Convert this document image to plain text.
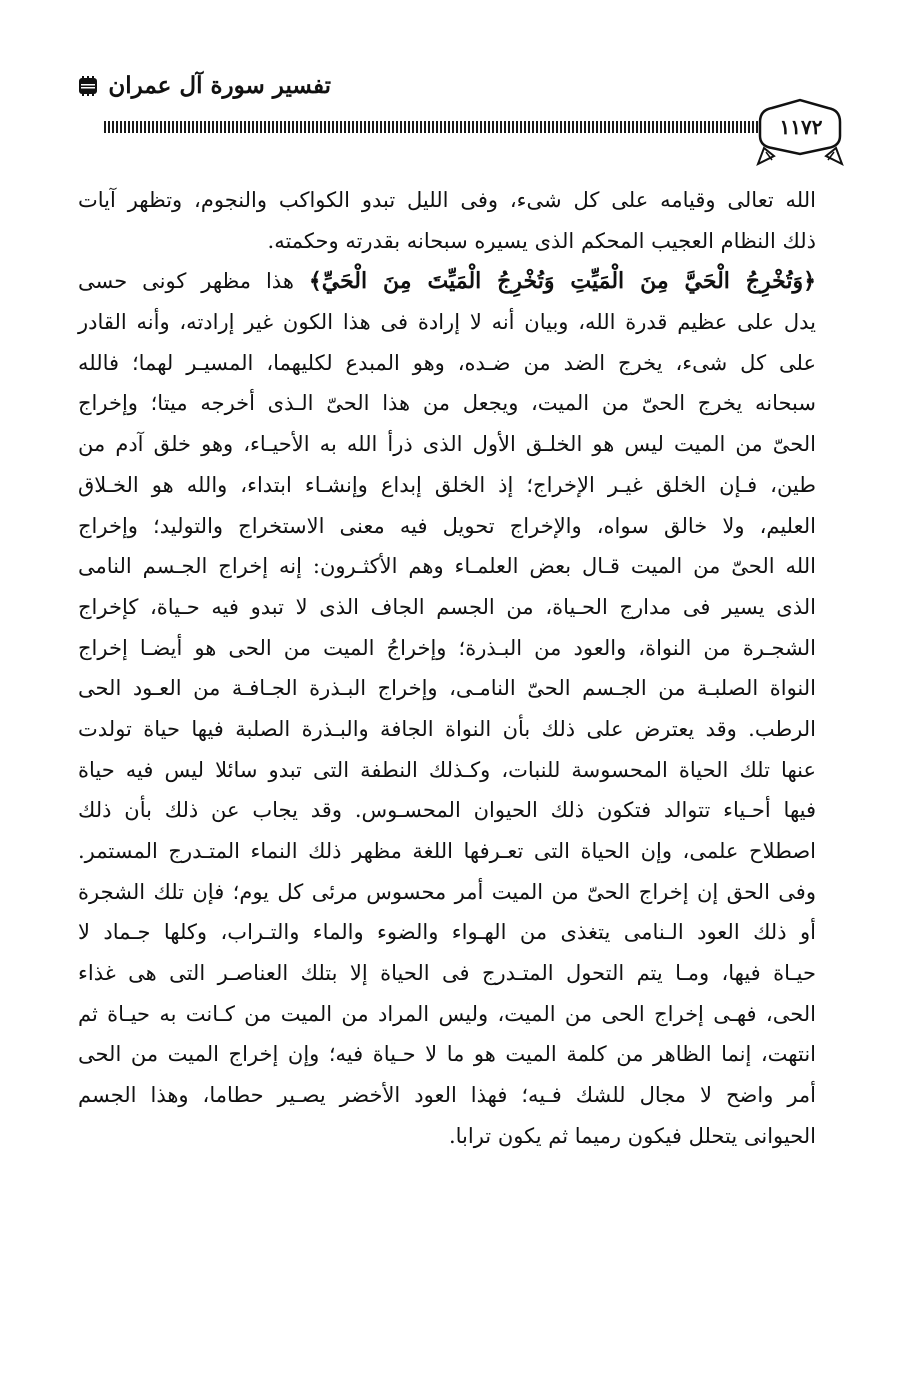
تفسير سورة آل عمران
١١٧٢
الله تعالى وقيامه على كل شىء، وفى الليل تبدو الكواكب والنجوم، وتظهر آيات
ذلك النظام العجيب المحكم الذى يسيره سبحانه بقدرته وحكمته.
﴿وَتُخْرِجُ الْحَيَّ مِنَ الْمَيِّتِ وَتُخْرِجُ الْمَيِّتَ مِنَ الْحَيِّ﴾ هذا مظهر كونى حسى
يدل على عظيم قدرة الله، وبيان أنه لا إرادة فى هذا الكون غير إرادته، وأنه القادر
على كل شىء، يخرج الضد من ضـده، وهو المبدع لكليهما، المسيـر لهما؛ فالله
سبحانه يخرج الحىّ من الميت، ويجعل من هذا الحىّ الـذى أخرجه ميتا؛ وإخراج
الحىّ من الميت ليس هو الخلـق الأول الذى ذرأ الله به الأحيـاء، وهو خلق آدم من
طين، فـإن الخلق غيـر الإخراج؛ إذ الخلق إبداع وإنشـاء ابتداء، والله هو الخـلاق
العليم، ولا خالق سواه، والإخراج تحويل فيه معنى الاستخراج والتوليد؛ وإخراج
الله الحىّ من الميت قـال بعض العلمـاء وهم الأكثـرون: إنه إخراج الجـسم النامى
الذى يسير فى مدارج الحـياة، من الجسم الجاف الذى لا تبدو فيه حـياة، كإخراج
الشجـرة من النواة، والعود من البـذرة؛ وإخراجُ الميت من الحى هو أيضـا إخراج
النواة الصلبـة من الجـسم الحىّ النامـى، وإخراج البـذرة الجـافـة من العـود الحى
الرطب. وقد يعترض على ذلك بأن النواة الجافة والبـذرة الصلبة فيها حياة تولدت
عنها تلك الحياة المحسوسة للنبات، وكـذلك النطفة التى تبدو سائلا ليس فيه حياة
فيها أحـياء تتوالد فتكون ذلك الحيوان المحسـوس. وقد يجاب عن ذلك بأن ذلك
اصطلاح علمى، وإن الحياة التى تعـرفها اللغة مظهر ذلك النماء المتـدرج المستمر.
وفى الحق إن إخراج الحىّ من الميت أمر محسوس مرئى كل يوم؛ فإن تلك الشجرة
أو ذلك العود الـنامى يتغذى من الهـواء والضوء والماء والتـراب، وكلها جـماد لا
حيـاة فيها، ومـا يتم التحول المتـدرج فى الحياة إلا بتلك العناصـر التى هى غذاء
الحى، فهـى إخراج الحى من الميت، وليس المراد من الميت من كـانت به حيـاة ثم
انتهت، إنما الظاهر من كلمة الميت هو ما لا حـياة فيه؛ وإن إخراج الميت من الحى
أمر واضح لا مجال للشك فـيه؛ فهذا العود الأخضر يصـير حطاما، وهذا الجسم
الحيوانى يتحلل فيكون رميما ثم يكون ترابا.
